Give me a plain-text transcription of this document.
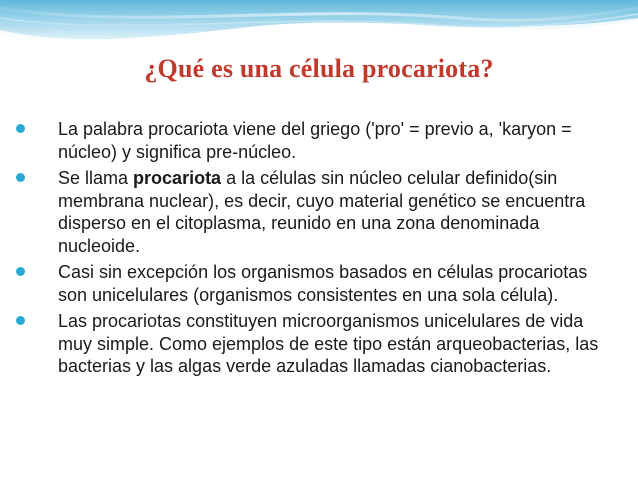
¿Qué es una célula procariota?
La palabra procariota viene del griego ('pro' = previo a, 'karyon = núcleo) y significa pre-núcleo.
Se llama procariota a la células sin núcleo celular definido(sin membrana nuclear), es decir, cuyo material genético se encuentra disperso en el citoplasma, reunido en una zona denominada nucleoide.
Casi sin excepción los organismos basados en células procariotas son unicelulares (organismos consistentes en una sola célula).
Las procariotas constituyen microorganismos unicelulares de vida muy simple. Como ejemplos de este tipo están arqueobacterias, las bacterias y las algas verde azuladas llamadas cianobacterias.
